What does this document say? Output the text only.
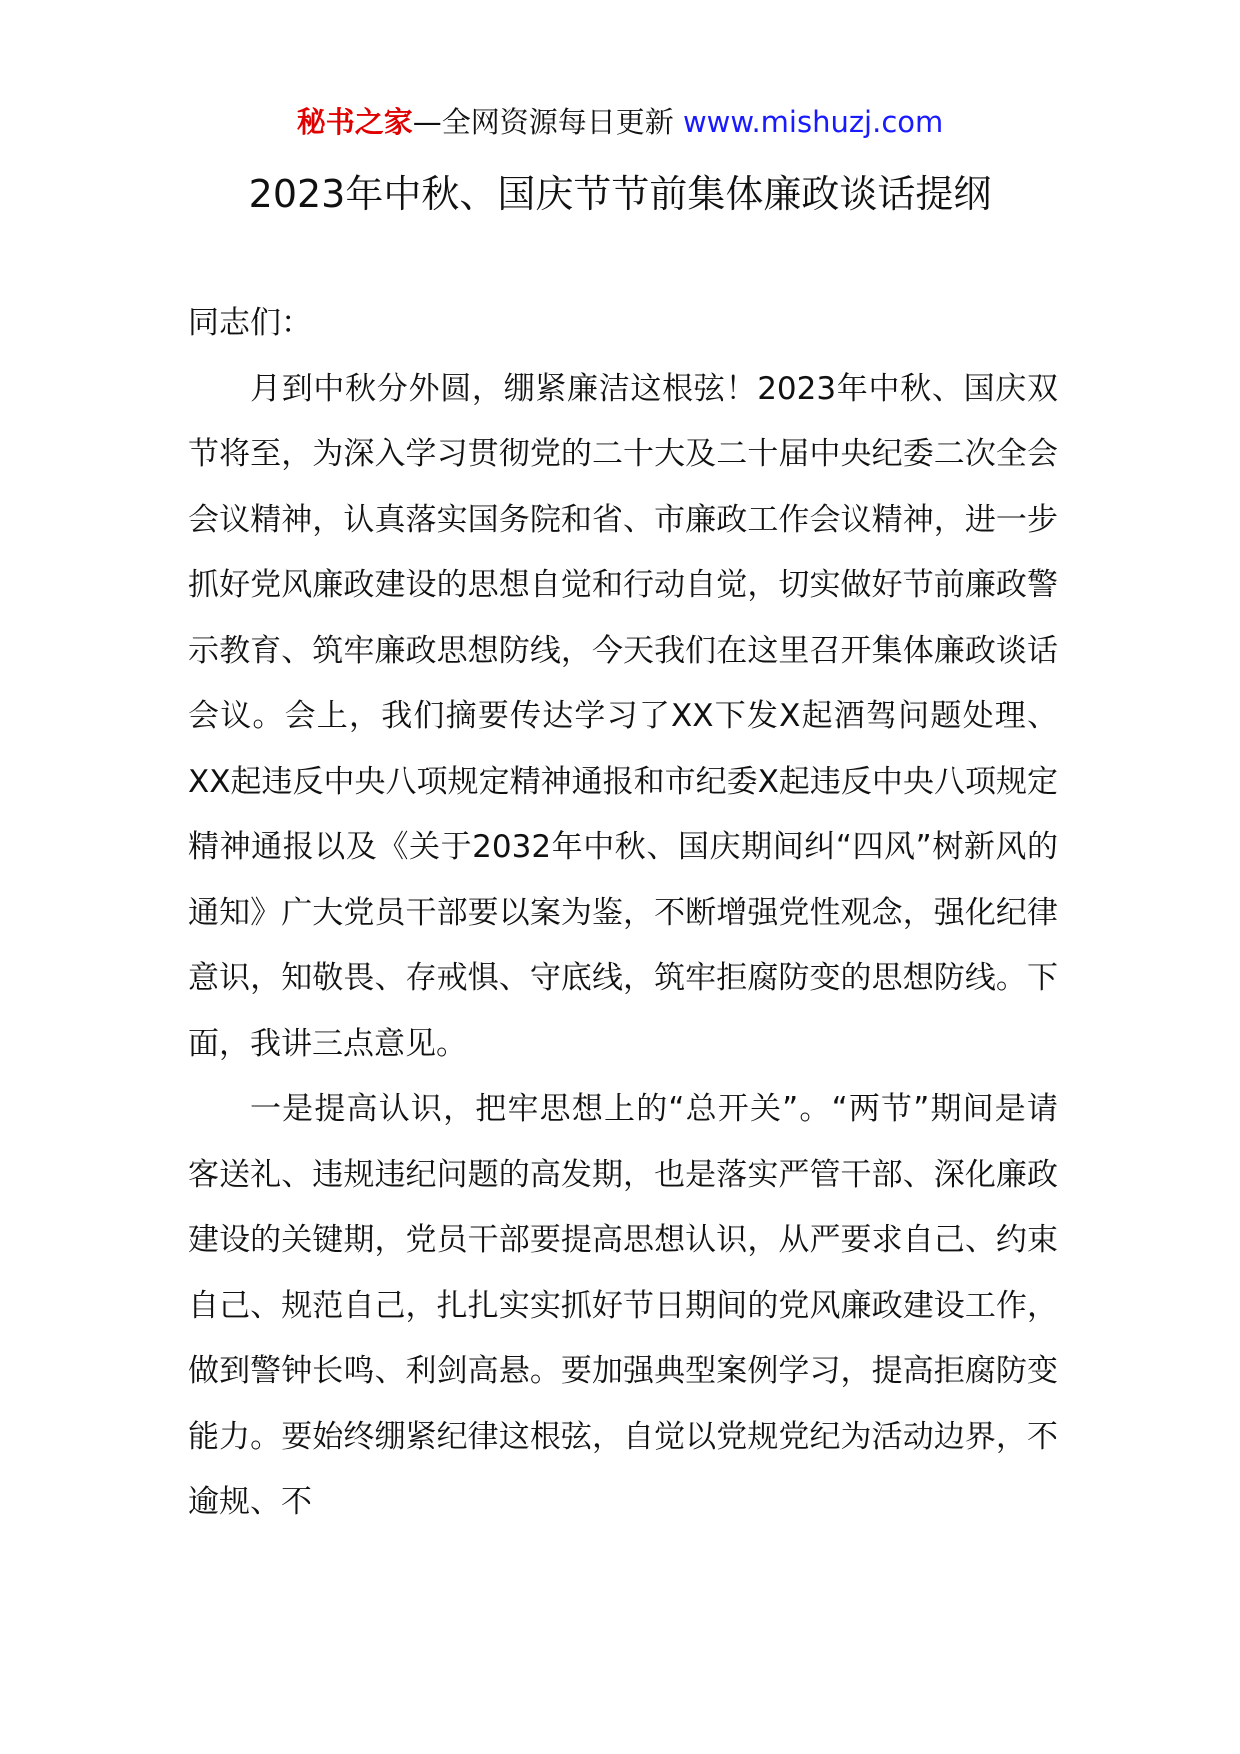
秘书之家—全网资源每日更新 www.mishuzj.com
2023年中秋、国庆节节前集体廉政谈话提纲

同志们：

月到中秋分外圆，绷紧廉洁这根弦！2023年中秋、国庆双节将至，为深入学习贯彻党的二十大及二十届中央纪委二次全会会议精神，认真落实国务院和省、市廉政工作会议精神，进一步抓好党风廉政建设的思想自觉和行动自觉，切实做好节前廉政警示教育、筑牢廉政思想防线，今天我们在这里召开集体廉政谈话会议。会上，我们摘要传达学习了XX下发X起酒驾问题处理、XX起违反中央八项规定精神通报和市纪委X起违反中央八项规定精神通报以及《关于2032年中秋、国庆期间纠“四风”树新风的通知》广大党员干部要以案为鉴，不断增强党性观念，强化纪律意识，知敬畏、存戒惧、守底线，筑牢拒腐防变的思想防线。下面，我讲三点意见。

一是提高认识，把牢思想上的“总开关”。“两节”期间是请客送礼、违规违纪问题的高发期，也是落实严管干部、深化廉政建设的关键期，党员干部要提高思想认识，从严要求自己、约束自己、规范自己，扎扎实实抓好节日期间的党风廉政建设工作，做到警钟长鸣、利剑高悬。要加强典型案例学习，提高拒腐防变能力。要始终绷紧纪律这根弦，自觉以党规党纪为活动边界，不逾规、不
